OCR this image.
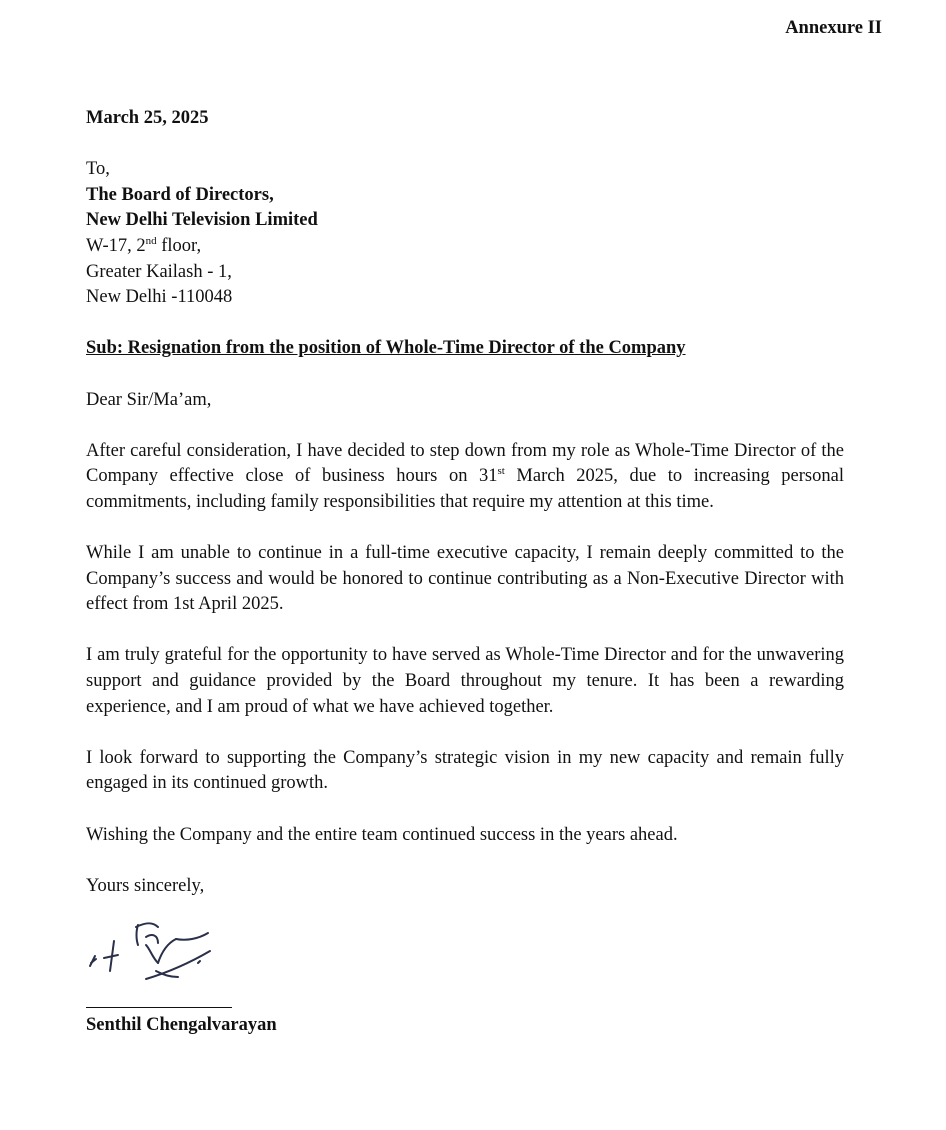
Annexure II
March 25, 2025
To,
The Board of Directors,
New Delhi Television Limited
W-17, 2nd floor,
Greater Kailash - 1,
New Delhi -110048
Sub: Resignation from the position of Whole-Time Director of the Company
Dear Sir/Ma’am,

After careful consideration, I have decided to step down from my role as Whole-Time Director of the Company effective close of business hours on 31st March 2025, due to increasing personal commitments, including family responsibilities that require my attention at this time.

While I am unable to continue in a full-time executive capacity, I remain deeply committed to the Company’s success and would be honored to continue contributing as a Non-Executive Director with effect from 1st April 2025.

I am truly grateful for the opportunity to have served as Whole-Time Director and for the unwavering support and guidance provided by the Board throughout my tenure. It has been a rewarding experience, and I am proud of what we have achieved together.

I look forward to supporting the Company’s strategic vision in my new capacity and remain fully engaged in its continued growth.

Wishing the Company and the entire team continued success in the years ahead.

Yours sincerely,
Senthil Chengalvarayan
